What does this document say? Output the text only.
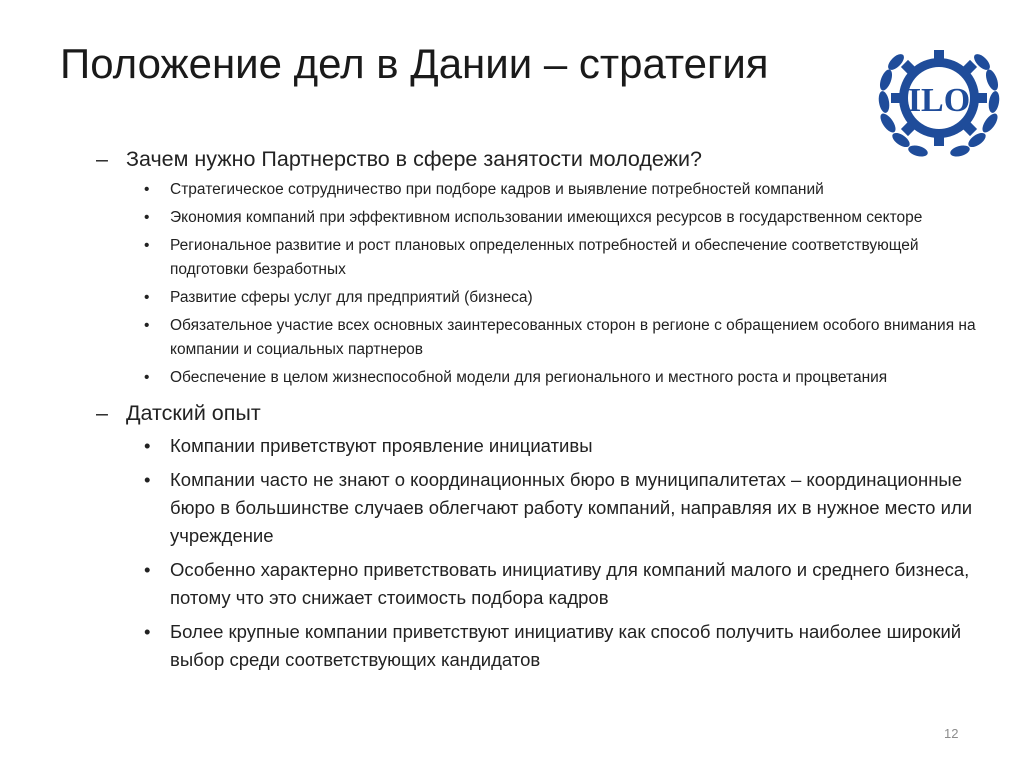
Положение дел в Дании – стратегия
ILO
– Зачем нужно Партнерство в сфере занятости молодежи?
• Стратегическое сотрудничество при подборе кадров и выявление потребностей компаний
• Экономия компаний при эффективном использовании имеющихся ресурсов в государственном секторе
• Региональное развитие и рост плановых определенных потребностей и обеспечение соответствующей подготовки безработных
• Развитие сферы услуг для предприятий (бизнеса)
• Обязательное участие всех основных заинтересованных сторон в регионе с обращением особого внимания на компании и социальных партнеров
• Обеспечение в целом жизнеспособной модели для регионального и местного роста и процветания
– Датский опыт
• Компании приветствуют проявление инициативы
• Компании часто не знают о координационных бюро в муниципалитетах – координационные бюро в большинстве случаев облегчают работу компаний, направляя их в нужное место или учреждение
• Особенно характерно приветствовать инициативу для компаний малого и среднего бизнеса, потому что это снижает стоимость подбора кадров
• Более крупные компании приветствуют инициативу как способ получить наиболее широкий выбор среди соответствующих кандидатов
12
